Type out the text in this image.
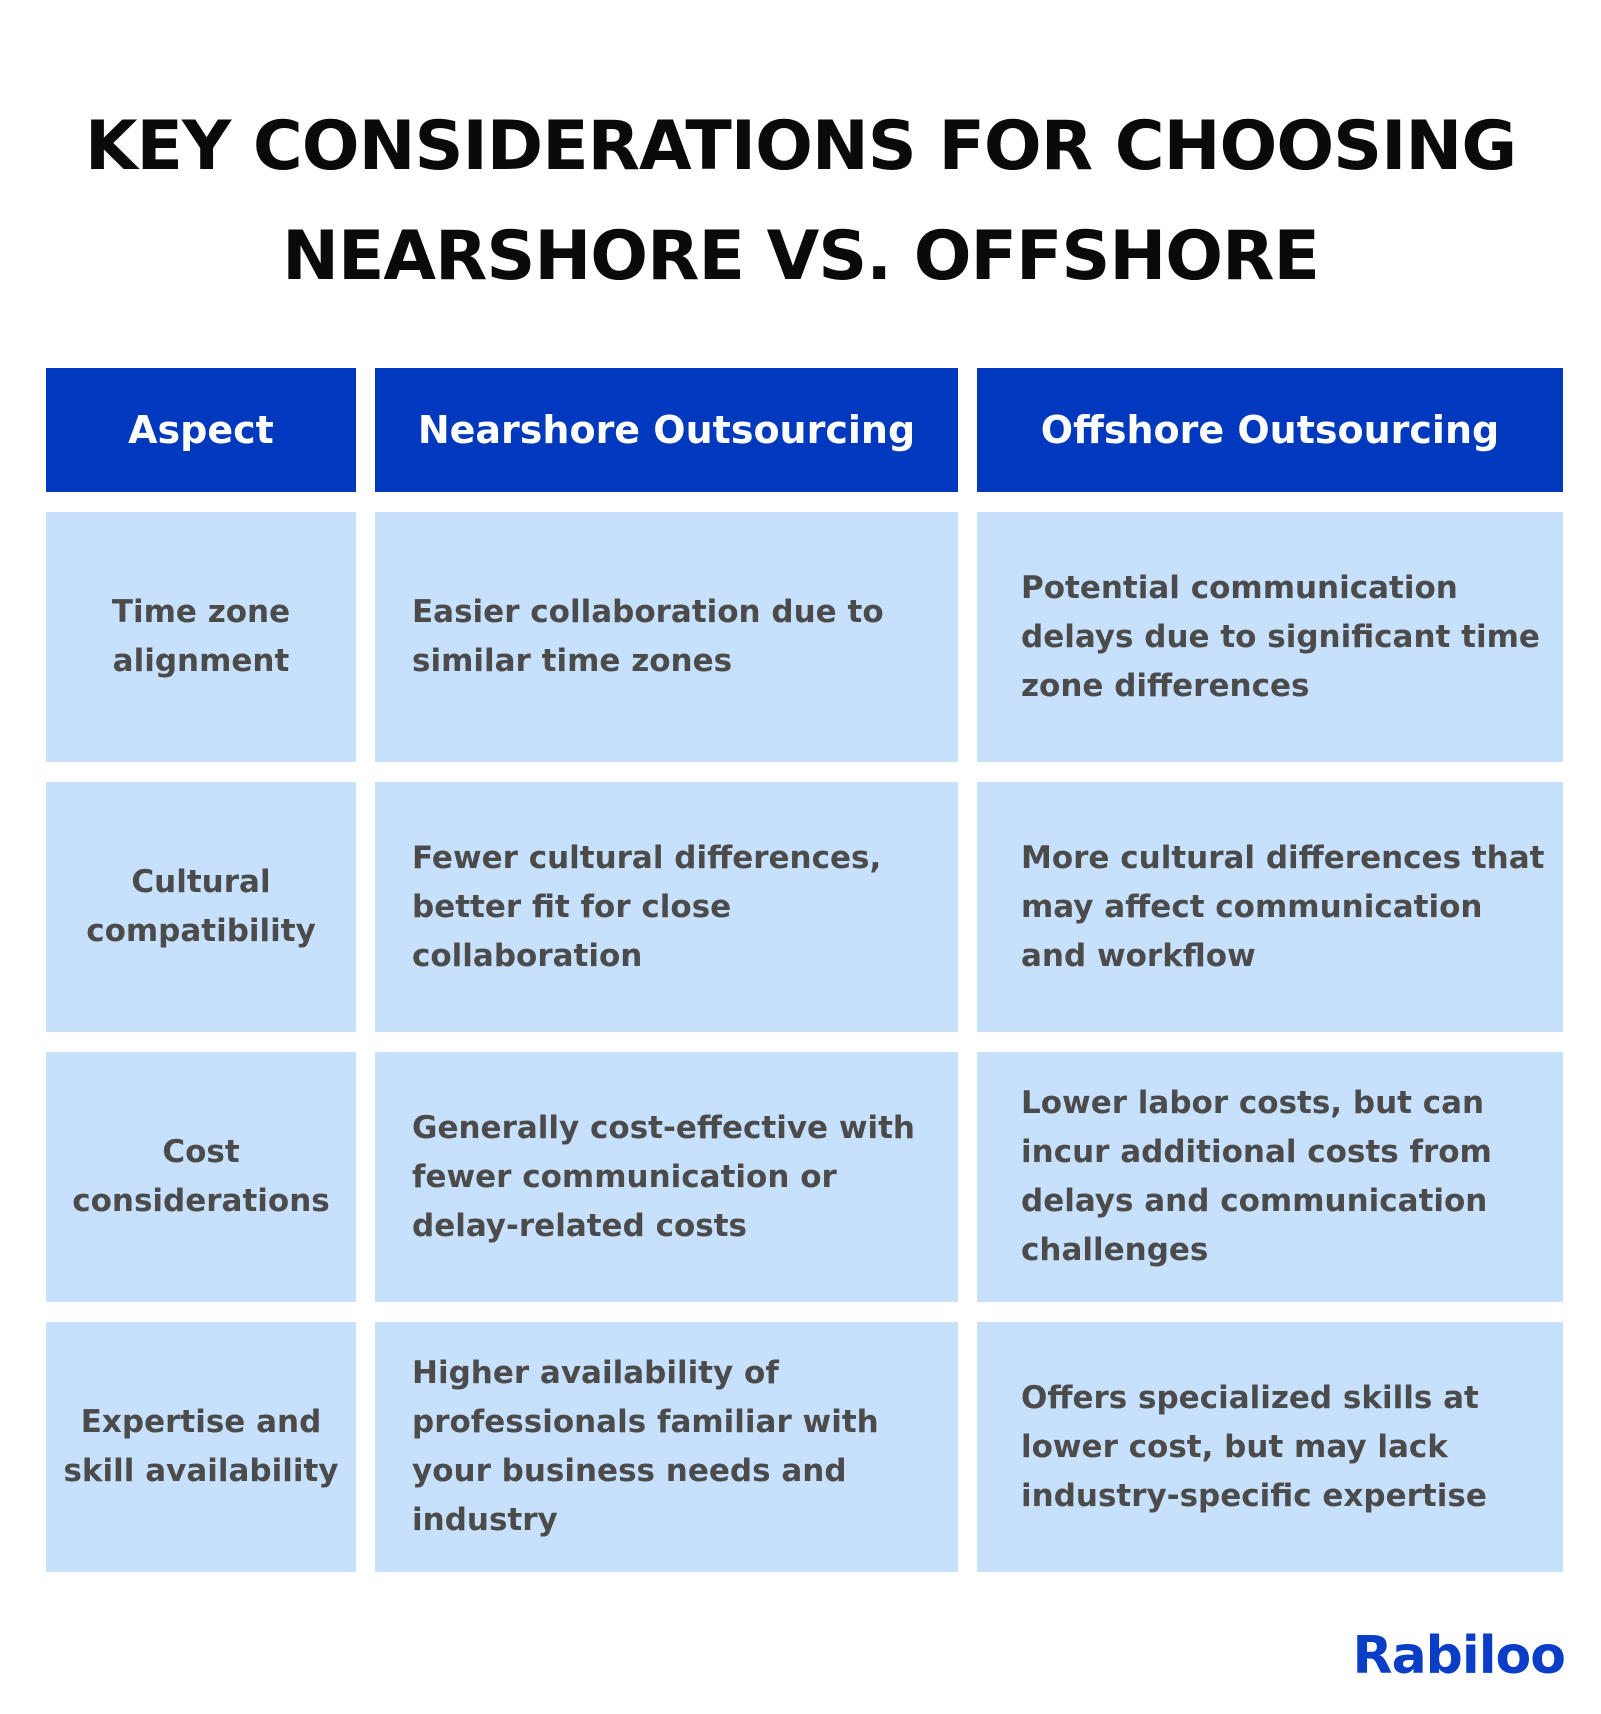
KEY CONSIDERATIONS FOR CHOOSING
NEARSHORE VS. OFFSHORE
Aspect	Nearshore Outsourcing	Offshore Outsourcing
Time zone alignment
Easier collaboration due to similar time zones
Potential communication delays due to significant time zone differences
Cultural compatibility
Fewer cultural differences, better fit for close collaboration
More cultural differences that may affect communication and workflow
Cost considerations
Generally cost-effective with fewer communication or delay-related costs
Lower labor costs, but can incur additional costs from delays and communication challenges
Expertise and skill availability
Higher availability of professionals familiar with your business needs and industry
Offers specialized skills at lower cost, but may lack industry-specific expertise
Rabiloo
